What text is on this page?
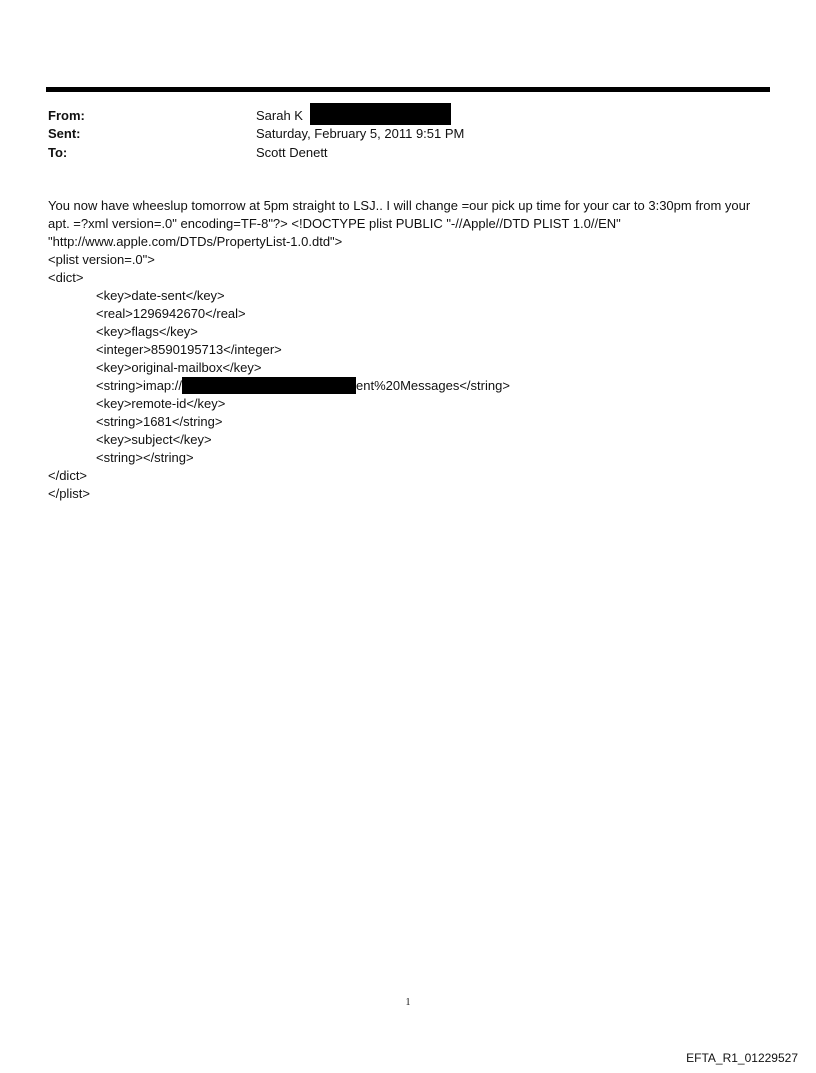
From:	Sarah K
Sent:	Saturday, February 5, 2011 9:51 PM
To:	Scott Denett
You now have wheeslup tomorrow at 5pm straight to LSJ.. I will change =our pick up time for your car to 3:30pm from your apt. =?xml version=.0" encoding=TF-8"?> <!DOCTYPE plist PUBLIC "-//Apple//DTD PLIST 1.0//EN" "http://www.apple.com/DTDs/PropertyList-1.0.dtd">
<plist version=.0">
<dict>
<key>date-sent</key>
<real>1296942670</real>
<key>flags</key>
<integer>8590195713</integer>
<key>original-mailbox</key>
<string>imap://	ent%20Messages</string>
<key>remote-id</key>
<string>1681</string>
<key>subject</key>
<string></string>
</dict>
</plist>
1
EFTA_R1_01229527
